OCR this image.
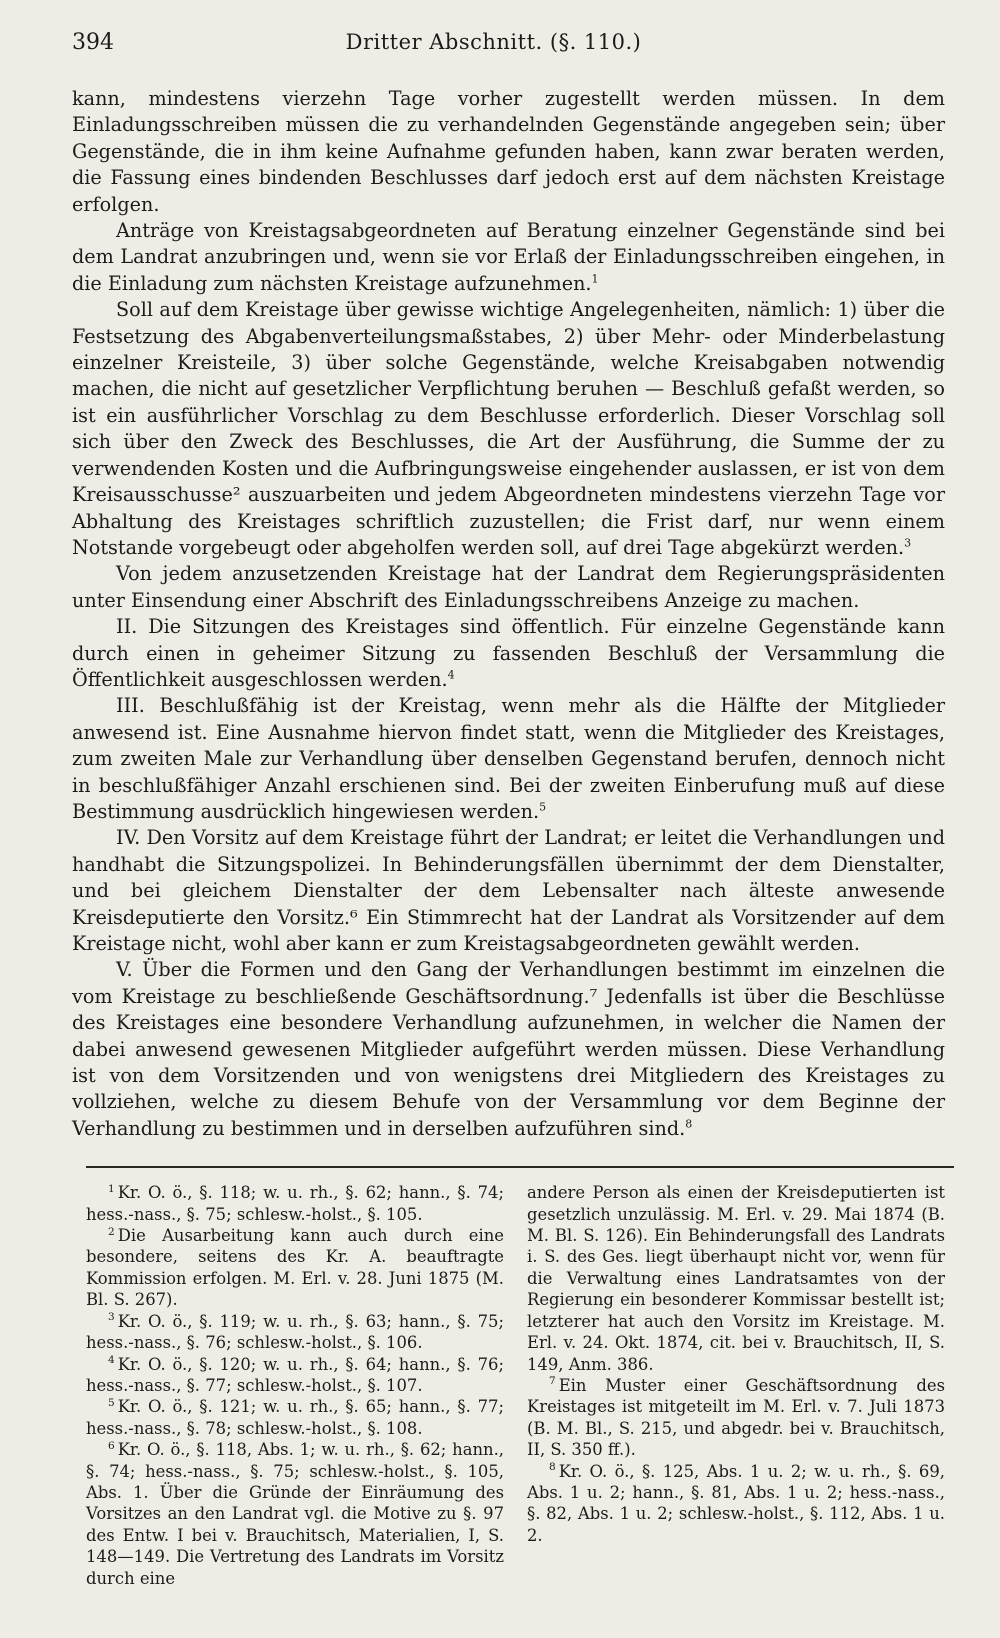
394	Dritter Abschnitt. (§. 110.)

kann, mindestens vierzehn Tage vorher zugestellt werden müssen. In dem Einladungsschreiben müssen die zu verhandelnden Gegenstände angegeben sein; über Gegenstände, die in ihm keine Aufnahme gefunden haben, kann zwar beraten werden, die Fassung eines bindenden Beschlusses darf jedoch erst auf dem nächsten Kreistage erfolgen.

Anträge von Kreistagsabgeordneten auf Beratung einzelner Gegenstände sind bei dem Landrat anzubringen und, wenn sie vor Erlaß der Einladungsschreiben eingehen, in die Einladung zum nächsten Kreistage aufzunehmen.$^1$

Soll auf dem Kreistage über gewisse wichtige Angelegenheiten, nämlich: 1) über die Festsetzung des Abgabenverteilungsmaßstabes, 2) über Mehr- oder Minderbelastung einzelner Kreisteile, 3) über solche Gegenstände, welche Kreisabgaben notwendig machen, die nicht auf gesetzlicher Verpflichtung beruhen — Beschluß gefaßt werden, so ist ein ausführlicher Vorschlag zu dem Beschlusse erforderlich. Dieser Vorschlag soll sich über den Zweck des Beschlusses, die Art der Ausführung, die Summe der zu verwendenden Kosten und die Aufbringungsweise eingehender auslassen, er ist von dem Kreisausschusse² auszuarbeiten und jedem Abgeordneten mindestens vierzehn Tage vor Abhaltung des Kreistages schriftlich zuzustellen; die Frist darf, nur wenn einem Notstande vorgebeugt oder abgeholfen werden soll, auf drei Tage abgekürzt werden.$^3$

Von jedem anzusetzenden Kreistage hat der Landrat dem Regierungspräsidenten unter Einsendung einer Abschrift des Einladungsschreibens Anzeige zu machen.

II. Die Sitzungen des Kreistages sind öffentlich. Für einzelne Gegenstände kann durch einen in geheimer Sitzung zu fassenden Beschluß der Versammlung die Öffentlichkeit ausgeschlossen werden.$^4$

III. Beschlußfähig ist der Kreistag, wenn mehr als die Hälfte der Mitglieder anwesend ist. Eine Ausnahme hiervon findet statt, wenn die Mitglieder des Kreistages, zum zweiten Male zur Verhandlung über denselben Gegenstand berufen, dennoch nicht in beschlußfähiger Anzahl erschienen sind. Bei der zweiten Einberufung muß auf diese Bestimmung ausdrücklich hingewiesen werden.$^5$

IV. Den Vorsitz auf dem Kreistage führt der Landrat; er leitet die Verhandlungen und handhabt die Sitzungspolizei. In Behinderungsfällen übernimmt der dem Dienstalter, und bei gleichem Dienstalter der dem Lebensalter nach älteste anwesende Kreisdeputierte den Vorsitz.⁶ Ein Stimmrecht hat der Landrat als Vorsitzender auf dem Kreistage nicht, wohl aber kann er zum Kreistagsabgeordneten gewählt werden.

V. Über die Formen und den Gang der Verhandlungen bestimmt im einzelnen die vom Kreistage zu beschließende Geschäftsordnung.⁷ Jedenfalls ist über die Beschlüsse des Kreistages eine besondere Verhandlung aufzunehmen, in welcher die Namen der dabei anwesend gewesenen Mitglieder aufgeführt werden müssen. Diese Verhandlung ist von dem Vorsitzenden und von wenigstens drei Mitgliedern des Kreistages zu vollziehen, welche zu diesem Behufe von der Versammlung vor dem Beginne der Verhandlung zu bestimmen und in derselben aufzuführen sind.$^8$

$^1$ Kr. O. ö., §. 118; w. u. rh., §. 62; hann., §. 74; hess.-nass., §. 75; schlesw.-holst., §. 105.

$^2$ Die Ausarbeitung kann auch durch eine besondere, seitens des Kr. A. beauftragte Kommission erfolgen. M. Erl. v. 28. Juni 1875 (M. Bl. S. 267).

$^3$ Kr. O. ö., §. 119; w. u. rh., §. 63; hann., §. 75; hess.-nass., §. 76; schlesw.-holst., §. 106.

$^4$ Kr. O. ö., §. 120; w. u. rh., §. 64; hann., §. 76; hess.-nass., §. 77; schlesw.-holst., §. 107.

$^5$ Kr. O. ö., §. 121; w. u. rh., §. 65; hann., §. 77; hess.-nass., §. 78; schlesw.-holst., §. 108.

$^6$ Kr. O. ö., §. 118, Abs. 1; w. u. rh., §. 62; hann., §. 74; hess.-nass., §. 75; schlesw.-holst., §. 105, Abs. 1. Über die Gründe der Einräumung des Vorsitzes an den Landrat vgl. die Motive zu §. 97 des Entw. I bei v. Brauchitsch, Materialien, I, S. 148—149. Die Vertretung des Landrats im Vorsitz durch eine

andere Person als einen der Kreisdeputierten ist gesetzlich unzulässig. M. Erl. v. 29. Mai 1874 (B. M. Bl. S. 126). Ein Behinderungsfall des Landrats i. S. des Ges. liegt überhaupt nicht vor, wenn für die Verwaltung eines Landratsamtes von der Regierung ein besonderer Kommissar bestellt ist; letzterer hat auch den Vorsitz im Kreistage. M. Erl. v. 24. Okt. 1874, cit. bei v. Brauchitsch, II, S. 149, Anm. 386.

$^7$ Ein Muster einer Geschäftsordnung des Kreistages ist mitgeteilt im M. Erl. v. 7. Juli 1873 (B. M. Bl., S. 215, und abgedr. bei v. Brauchitsch, II, S. 350 ff.).

$^8$ Kr. O. ö., §. 125, Abs. 1 u. 2; w. u. rh., §. 69, Abs. 1 u. 2; hann., §. 81, Abs. 1 u. 2; hess.-nass., §. 82, Abs. 1 u. 2; schlesw.-holst., §. 112, Abs. 1 u. 2.
